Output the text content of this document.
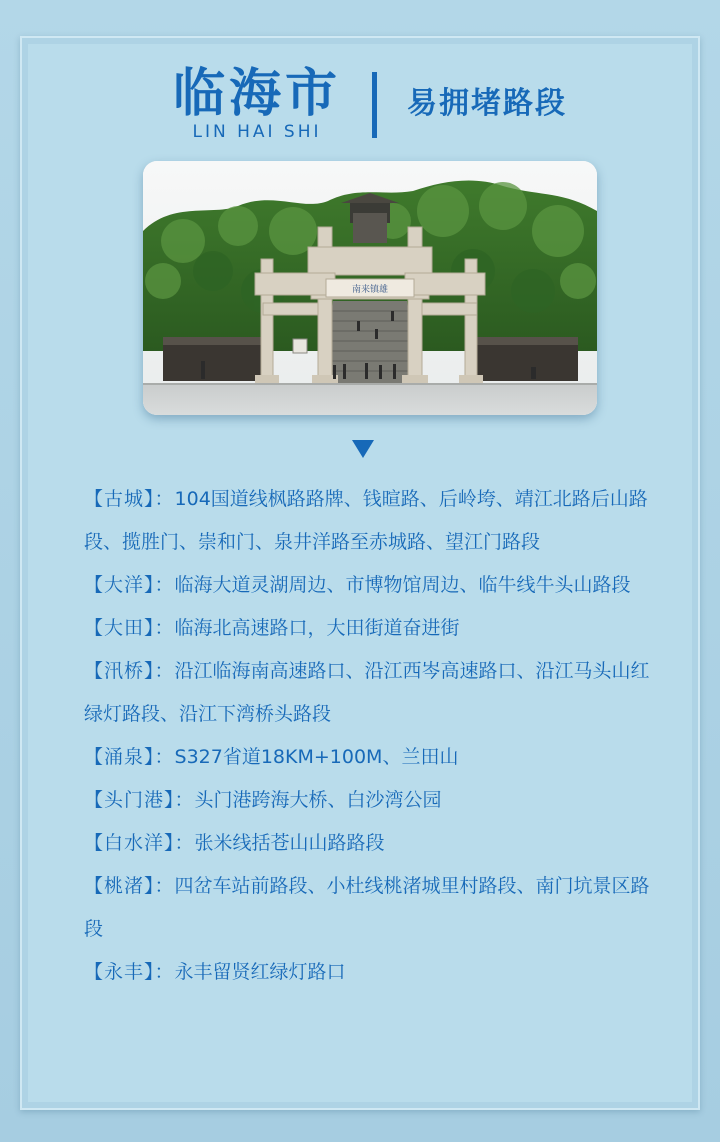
临海市
LIN HAI SHI
易拥堵路段
南来镇雄

【古城】：104国道线枫路路牌、钱暄路、后岭垮、靖江北路后山路段、揽胜门、崇和门、泉井洋路至赤城路、望江门路段

【大洋】：临海大道灵湖周边、市博物馆周边、临牛线牛头山路段

【大田】：临海北高速路口，大田街道奋进街

【汛桥】：沿江临海南高速路口、沿江西岑高速路口、沿江马头山红绿灯路段、沿江下湾桥头路段

【涌泉】：S327省道18KM+100M、兰田山

【头门港】：头门港跨海大桥、白沙湾公园

【白水洋】：张米线括苍山山路路段

【桃渚】：四岔车站前路段、小杜线桃渚城里村路段、南门坑景区路段

【永丰】：永丰留贤红绿灯路口
